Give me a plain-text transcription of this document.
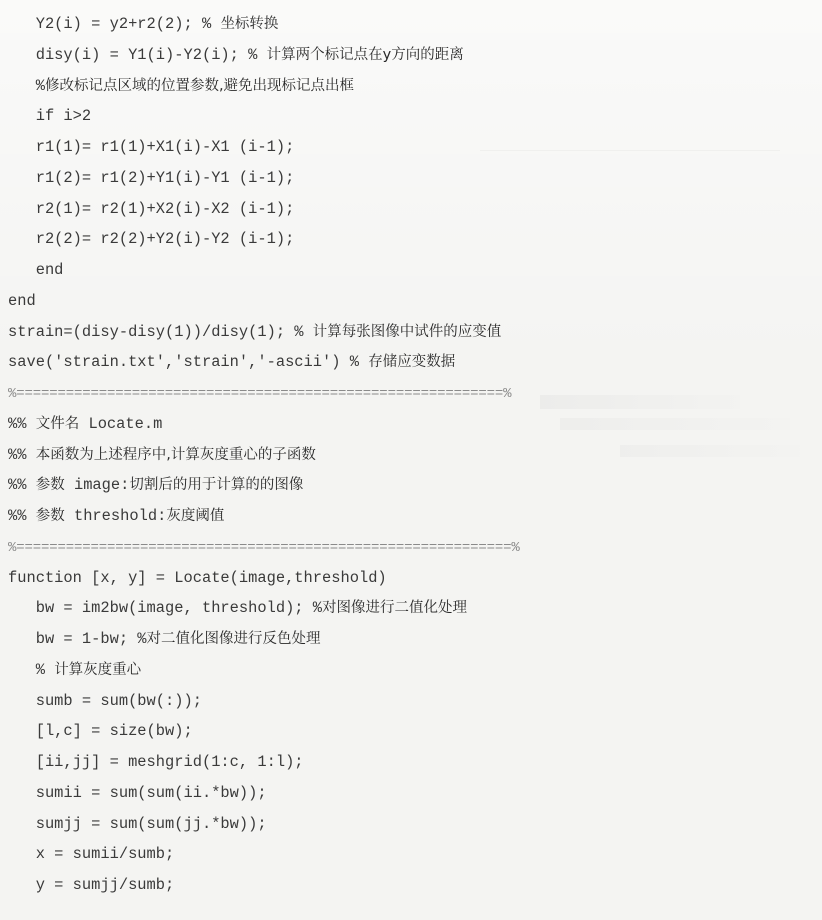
Y2(i) = y2+r2(2); % 坐标转换
disy(i) = Y1(i)-Y2(i); % 计算两个标记点在y方向的距离
%修改标记点区域的位置参数,避免出现标记点出框
if i>2
r1(1)= r1(1)+X1(i)-X1 (i-1);
r1(2)= r1(2)+Y1(i)-Y1 (i-1);
r2(1)= r2(1)+X2(i)-X2 (i-1);
r2(2)= r2(2)+Y2(i)-Y2 (i-1);
end
end
strain=(disy-disy(1))/disy(1); % 计算每张图像中试件的应变值
save('strain.txt','strain','-ascii') % 存储应变数据
%===========================================================%
%% 文件名 Locate.m
%% 本函数为上述程序中,计算灰度重心的子函数
%% 参数 image:切割后的用于计算的的图像
%% 参数 threshold:灰度阈值
%============================================================%
function [x, y] = Locate(image,threshold)
bw = im2bw(image, threshold); %对图像进行二值化处理
bw = 1-bw; %对二值化图像进行反色处理
% 计算灰度重心
sumb = sum(bw(:));
[l,c] = size(bw);
[ii,jj] = meshgrid(1:c, 1:l);
sumii = sum(sum(ii.*bw));
sumjj = sum(sum(jj.*bw));
x = sumii/sumb;
y = sumjj/sumb;
